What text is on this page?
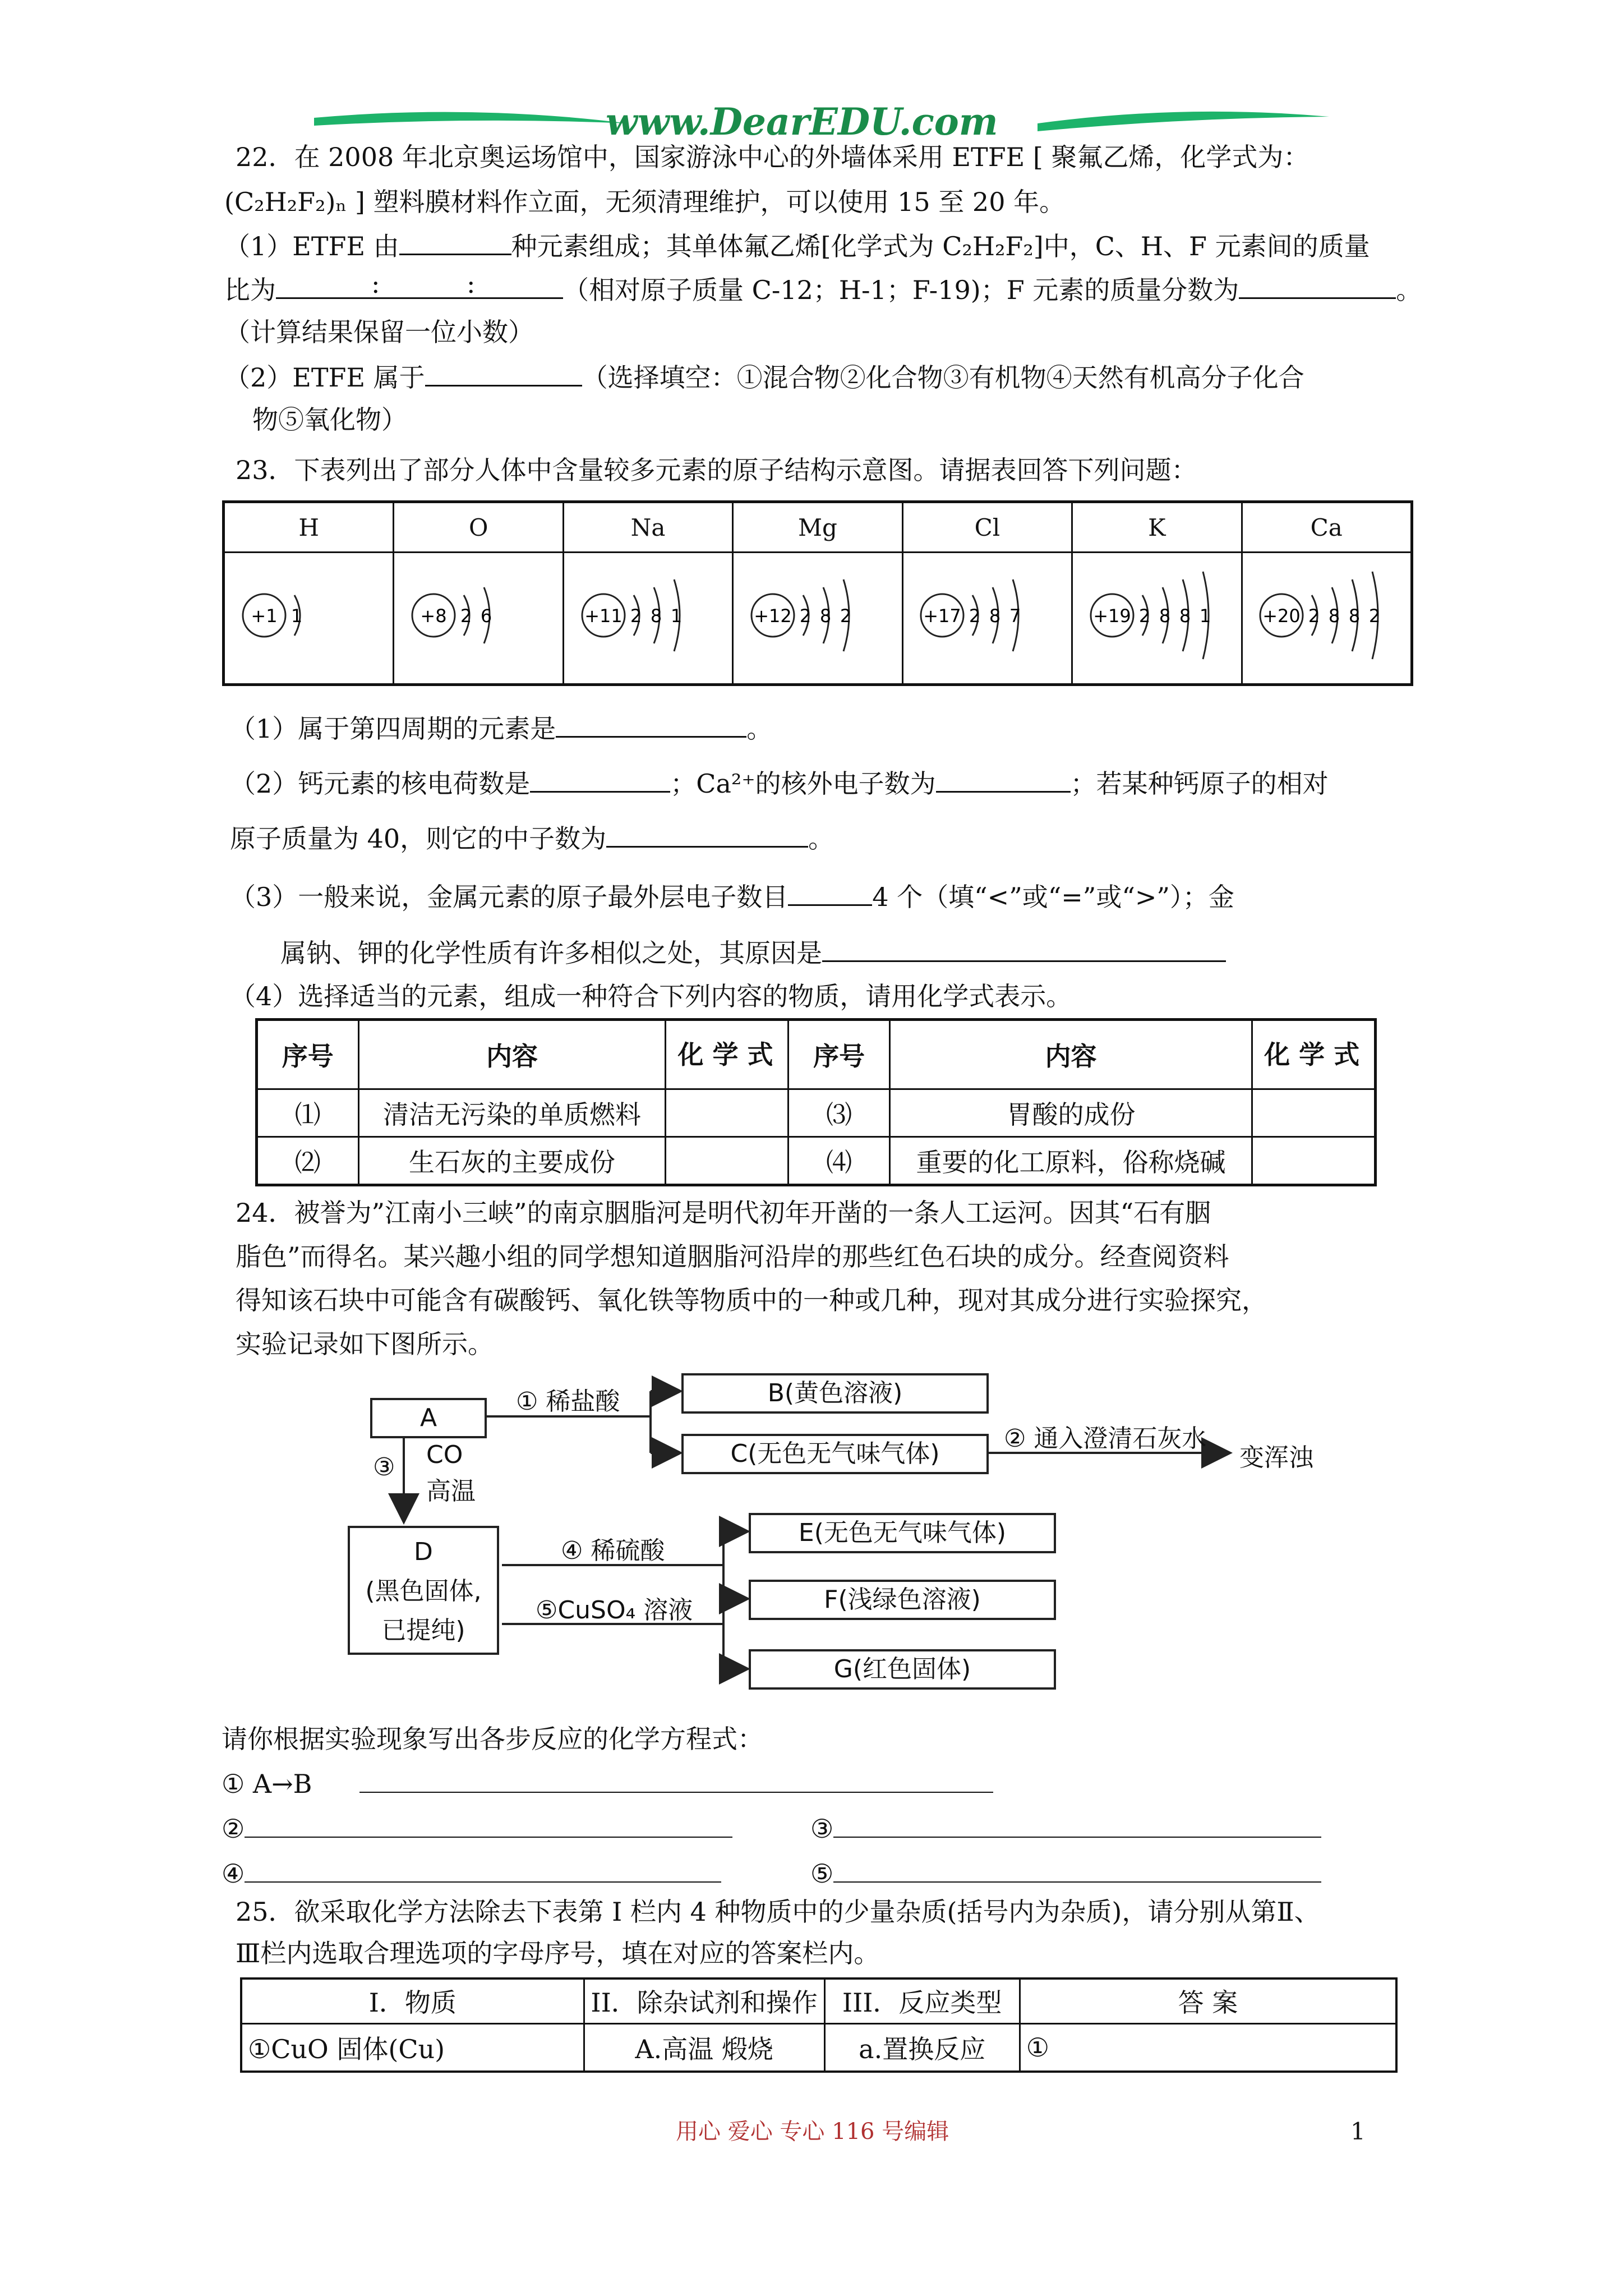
www.DearEDU.com
22．在 2008 年北京奥运场馆中，国家游泳中心的外墙体采用 ETFE [ 聚氟乙烯，化学式为：
(C₂H₂F₂)ₙ ] 塑料膜材料作立面，无须清理维护，可以使用 15 至 20 年。
（1）ETFE 由	种元素组成；其单体氟乙烯[化学式为 C₂H₂F₂]中，C、H、F 元素间的质量
比为	:	:	（相对原子质量 C-12；H-1；F-19)；F 元素的质量分数为	。
（计算结果保留一位小数）
（2）ETFE 属于	（选择填空：①混合物②化合物③有机物④天然有机高分子化合
物⑤氧化物）
23．下表列出了部分人体中含量较多元素的原子结构示意图。请据表回答下列问题：
H	O	Na	Mg	Cl	K	Ca

+1 1	+8 2 6	+11 2 8 1	+12 2 8 2	+17 2 8 7	+19 2 8 8 1	+20 2 8 8 2
（1）属于第四周期的元素是	。
（2）钙元素的核电荷数是	；Ca²⁺的核外电子数为	；若某种钙原子的相对
原子质量为 40，则它的中子数为	。
（3）一般来说，金属元素的原子最外层电子数目	4 个（填“<”或“=”或“>”）；金
属钠、钾的化学性质有许多相似之处，其原因是
（4）选择适当的元素，组成一种符合下列内容的物质，请用化学式表示。
序号	内容	化 学 式	序号	内容	化 学 式
⑴	清洁无污染的单质燃料		⑶	胃酸的成份	
⑵	生石灰的主要成份		⑷	重要的化工原料，俗称烧碱	
24．被誉为”江南小三峡”的南京胭脂河是明代初年开凿的一条人工运河。因其“石有胭
脂色”而得名。某兴趣小组的同学想知道胭脂河沿岸的那些红色石块的成分。经查阅资料
得知该石块中可能含有碳酸钙、氧化铁等物质中的一种或几种，现对其成分进行实验探究，
实验记录如下图所示。
A
B(黄色溶液)
C(无色无气味气体)
D
(黑色固体,
已提纯)
E(无色无气味气体)
F(浅绿色溶液)
G(红色固体)
① 稀盐酸
② 通入澄清石灰水
变浑浊
③ CO
高温
④ 稀硫酸
⑤CuSO₄ 溶液
请你根据实验现象写出各步反应的化学方程式：
① A→B
②	③
④	⑤
25．欲采取化学方法除去下表第 I 栏内 4 种物质中的少量杂质(括号内为杂质)，请分别从第Ⅱ、
Ⅲ栏内选取合理选项的字母序号，填在对应的答案栏内。
I．物质	II．除杂试剂和操作	III．反应类型	答 案
①CuO 固体(Cu)	A.高温 煅烧	a.置换反应	①
用心 爱心 专心 116 号编辑	1
